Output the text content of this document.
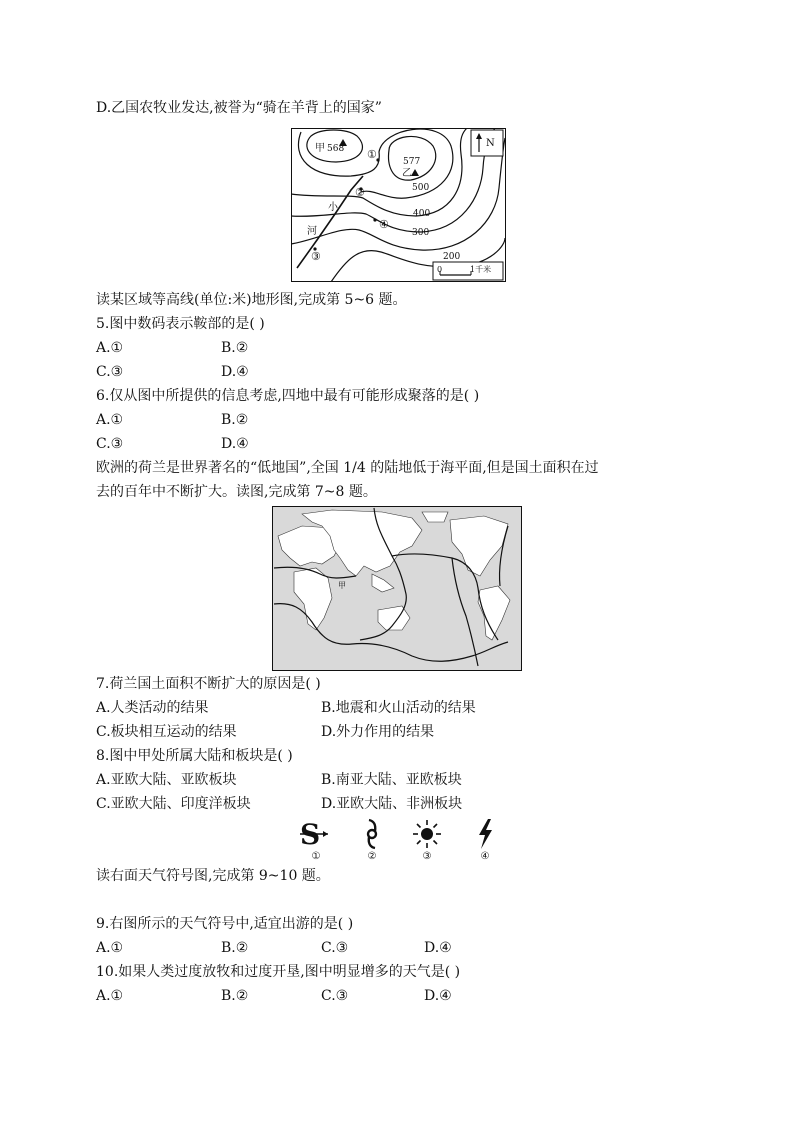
D.乙国农牧业发达,被誉为“骑在羊背上的国家”
甲 568
577
乙
①
②
④
③
500
400
300
200
小
河
N
0	1千米
读某区域等高线(单位:米)地形图,完成第 5~6 题。
5.图中数码表示鞍部的是( )
A.①	B.②
C.③	D.④
6.仅从图中所提供的信息考虑,四地中最有可能形成聚落的是( )
A.①	B.②
C.③	D.④
欧洲的荷兰是世界著名的“低地国”,全国 1/4 的陆地低于海平面,但是国土面积在过
去的百年中不断扩大。读图,完成第 7~8 题。
甲
7.荷兰国土面积不断扩大的原因是( )
A.人类活动的结果	B.地震和火山活动的结果
C.板块相互运动的结果	D.外力作用的结果
8.图中甲处所属大陆和板块是( )
A.亚欧大陆、亚欧板块	B.南亚大陆、亚欧板块
C.亚欧大陆、印度洋板块	D.亚欧大陆、非洲板块
S
①	②	③	④
读右面天气符号图,完成第 9~10 题。
9.右图所示的天气符号中,适宜出游的是( )
A.①	B.②	C.③	D.④
10.如果人类过度放牧和过度开垦,图中明显增多的天气是( )
A.①	B.②	C.③	D.④
